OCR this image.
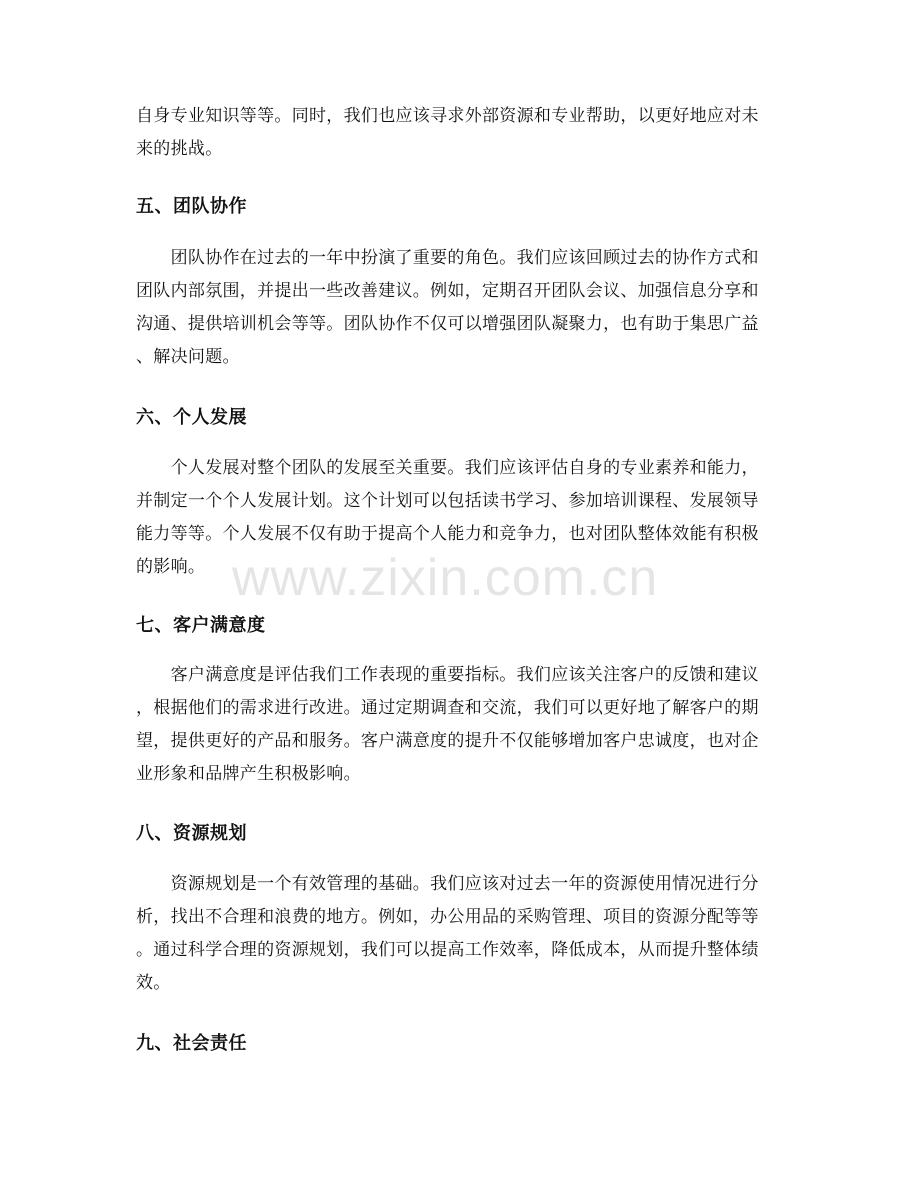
自身专业知识等等。同时，我们也应该寻求外部资源和专业帮助，以更好地应对未
来的挑战。

五、团队协作

　　团队协作在过去的一年中扮演了重要的角色。我们应该回顾过去的协作方式和
团队内部氛围，并提出一些改善建议。例如，定期召开团队会议、加强信息分享和
沟通、提供培训机会等等。团队协作不仅可以增强团队凝聚力，也有助于集思广益
、解决问题。

六、个人发展

　　个人发展对整个团队的发展至关重要。我们应该评估自身的专业素养和能力，
并制定一个个人发展计划。这个计划可以包括读书学习、参加培训课程、发展领导
能力等等。个人发展不仅有助于提高个人能力和竞争力，也对团队整体效能有积极
的影响。

七、客户满意度

　　客户满意度是评估我们工作表现的重要指标。我们应该关注客户的反馈和建议
，根据他们的需求进行改进。通过定期调查和交流，我们可以更好地了解客户的期
望，提供更好的产品和服务。客户满意度的提升不仅能够增加客户忠诚度，也对企
业形象和品牌产生积极影响。

八、资源规划

　　资源规划是一个有效管理的基础。我们应该对过去一年的资源使用情况进行分
析，找出不合理和浪费的地方。例如，办公用品的采购管理、项目的资源分配等等
。通过科学合理的资源规划，我们可以提高工作效率，降低成本，从而提升整体绩
效。

九、社会责任
www.zixin.com.cn
